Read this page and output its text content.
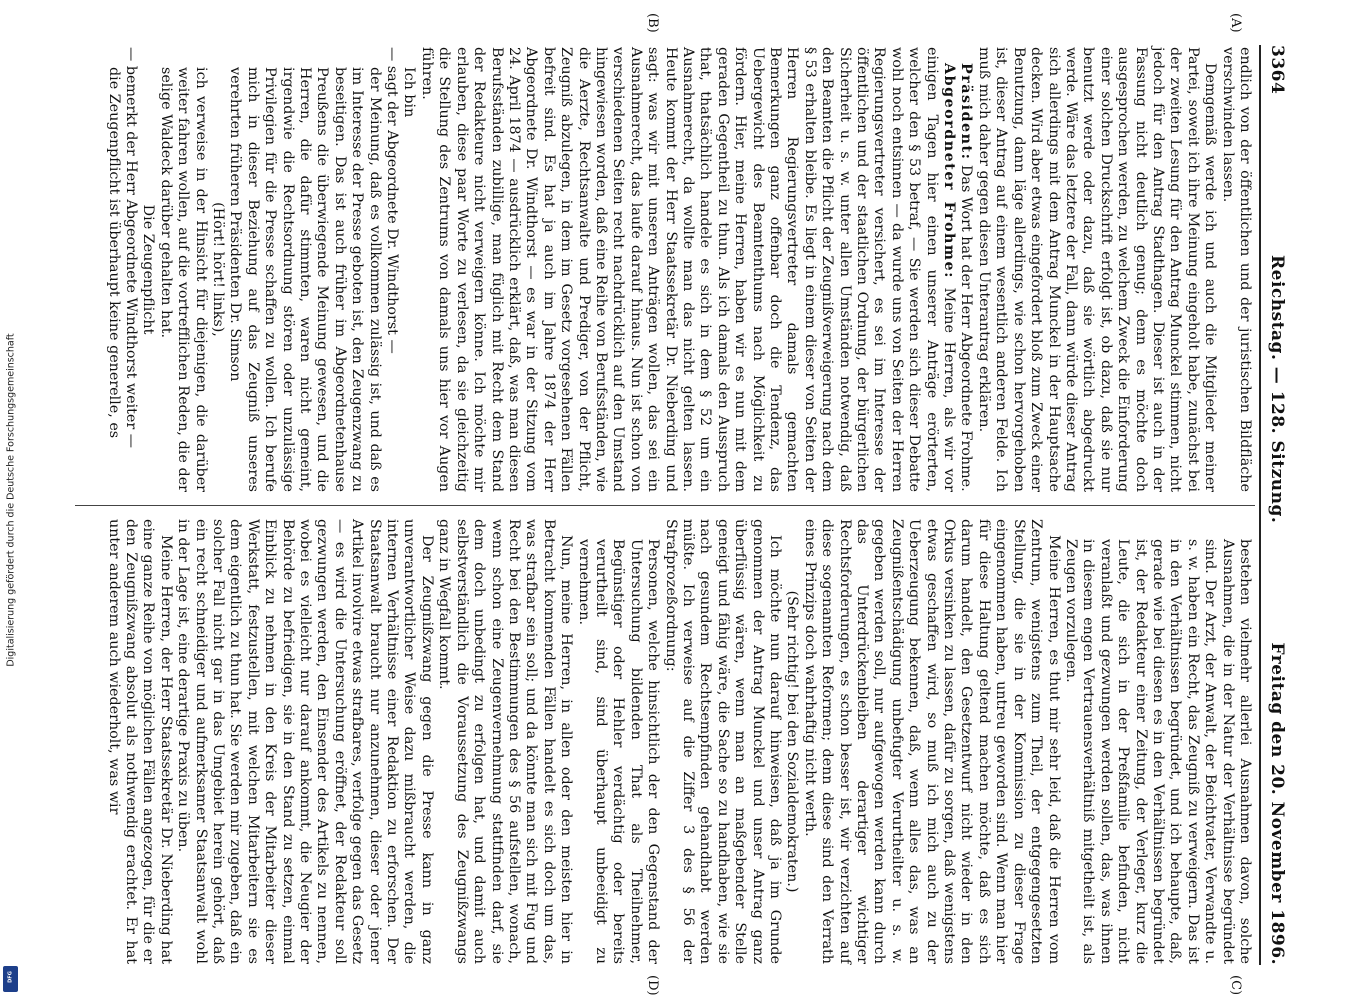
Digitalisierung gefördert durch die Deutsche Forschungsgemeinschaft
DFG
3364
Reichstag. — 128. Sitzung.
Freitag den 20. November 1896.
(A)
(B)
(C)
(D)

endlich von der öffentlichen und der juristischen Bildfläche verschwinden lassen.

Demgemäß werde ich und auch die Mitglieder meiner Partei, soweit ich ihre Meinung eingeholt habe, zunächst bei der zweiten Lesung für den Antrag Munckel stimmen, nicht jedoch für den Antrag Stadthagen. Dieser ist auch in der Fassung nicht deutlich genug; denn es möchte doch ausgesprochen werden, zu welchem Zweck die Einforderung einer solchen Druckschrift erfolgt ist, ob dazu, daß sie nur benutzt werde oder dazu, daß sie wörtlich abgedruckt werde. Wäre das letztere der Fall, dann würde dieser Antrag sich allerdings mit dem Antrag Munckel in der Hauptsache decken. Wird aber etwas eingefordert bloß zum Zweck einer Benutzung, dann läge allerdings, wie schon hervorgehoben ist, dieser Antrag auf einem wesentlich anderen Felde. Ich muß mich daher gegen diesen Unterantrag erklären.

Präsident: Das Wort hat der Herr Abgeordnete Frohme.

Abgeordneter Frohme: Meine Herren, als wir vor einigen Tagen hier einen unserer Anträge erörterten, welcher den § 53 betraf, — Sie werden sich dieser Debatte wohl noch entsinnen — da wurde uns von Seiten der Herren Regierungsvertreter versichert, es sei im Interesse der öffentlichen und der staatlichen Ordnung, der bürgerlichen Sicherheit u. s. w. unter allen Umständen notwendig, daß den Beamten die Pflicht der Zeugnißverweigerung nach dem § 53 erhalten bleibe. Es liegt in einem dieser von Seiten der Herren Regierungsvertreter damals gemachten Bemerkungen ganz offenbar doch die Tendenz, das Uebergewicht des Beamtenthums nach Möglichkeit zu fördern. Hier, meine Herren, haben wir es nun mit dem geraden Gegentheil zu thun. Als ich damals den Ausspruch that, thatsächlich handele es sich in dem § 52 um ein Ausnahmerecht, da wollte man das nicht gelten lassen. Heute kommt der Herr Staatssekretär Dr. Nieberding und sagt: was wir mit unseren Anträgen wollen, das sei ein Ausnahmerecht, das laufe darauf hinaus. Nun ist schon von verschiedenen Seiten recht nachdrücklich auf den Umstand hingewiesen worden, daß eine Reihe von Berufsständen, wie die Aerzte, Rechtsanwalte und Prediger, von der Pflicht, Zeugniß abzulegen, in dem im Gesetz vorgesehenen Fällen befreit sind. Es hat ja auch im Jahre 1874 der Herr Abgeordnete Dr. Windthorst — es war in der Sitzung vom 24. April 1874 — ausdrücklich erklärt, daß, was man diesen Berufsständen zubillige, man füglich mit Recht dem Stand der Redakteure nicht verweigern könne. Ich möchte mir erlauben, diese paar Worte zu verlesen, da sie gleichzeitig die Stellung des Zentrums von damals uns hier vor Augen führen.

Ich bin

— sagt der Abgeordnete Dr. Windthorst —

der Meinung, daß es vollkommen zulässig ist, und daß es im Interesse der Presse geboten ist, den Zeugenzwang zu beseitigen. Das ist auch früher im Abgeordnetenhause Preußens die überwiegende Meinung gewesen, und die Herren, die dafür stimmten, waren nicht gemeint, irgendwie die Rechtsordnung stören oder unzulässige Privilegien für die Presse schaffen zu wollen. Ich berufe mich in dieser Beziehung auf das Zeugniß unseres verehrten früheren Präsidenten Dr. Simson

(Hört! hört! links),

ich verweise in der Hinsicht für diejenigen, die darüber weiter fahren wollen, auf die vortrefflichen Reden, die der selige Waldeck darüber gehalten hat.

Die Zeugenpflicht

— bemerkt der Herr Abgeordnete Windthorst weiter —

die Zeugenpflicht ist überhaupt keine generelle, es

bestehen vielmehr allerlei Ausnahmen davon, solche Ausnahmen, die in der Natur der Verhältnisse begründet sind. Der Arzt, der Anwalt, der Beichtvater, Verwandte u. s. w. haben ein Recht, das Zeugniß zu verweigern. Das ist in den Verhältnissen begründet, und ich behaupte, daß, gerade wie bei diesen es in den Verhältnissen begründet ist, der Redakteur einer Zeitung, der Verleger, kurz die Leute, die sich in der Preßfamilie befinden, nicht veranlaßt und gezwungen werden sollen, das, was ihnen in diesem engen Vertrauensverhältniß mitgetheilt ist, als Zeugen vorzulegen.

Meine Herren, es thut mir sehr leid, daß die Herren vom Zentrum, wenigstens zum Theil, der entgegengesetzten Stellung, die sie in der Kommission zu dieser Frage eingenommen haben, untreu geworden sind. Wenn man hier für diese Haltung geltend machen möchte, daß es sich darum handelt, den Gesetzentwurf nicht wieder in den Orkus versinken zu lassen, dafür zu sorgen, daß wenigstens etwas geschaffen wird, so muß ich mich auch zu der Ueberzeugung bekennen, daß, wenn alles das, was an Zeugnißentschädigung unbefugter Verurtheilter u. s. w. gegeben werden soll, nur aufgewogen werden kann durch das Unterdrückenbleiben derartiger wichtiger Rechtsforderungen, es schon besser ist, wir verzichten auf diese sogenannten Reformen; denn diese sind den Verrath eines Prinzips doch wahrhaftig nicht werth.

(Sehr richtig! bei den Sozialdemokraten.)

Ich möchte nun darauf hinweisen, daß ja im Grunde genommen der Antrag Munckel und unser Antrag ganz überflüssig wären, wenn man an maßgebender Stelle geneigt und fähig wäre, die Sache so zu handhaben, wie sie nach gesundem Rechtsempfinden gehandhabt werden müßte. Ich verweise auf die Ziffer 3 des § 56 der Strafprozeßordnung:

Personen, welche hinsichtlich der den Gegenstand der Untersuchung bildenden That als Theilnehmer, Begünstiger oder Hehler verdächtig oder bereits verurtheilt sind, sind überhaupt unbeeidigt zu vernehmen.

Nun, meine Herren, in allen oder den meisten hier in Betracht kommenden Fällen handelt es sich doch um das, was strafbar sein soll; und da könnte man sich mit Fug und Recht bei den Bestimmungen des § 56 aufstellen, wonach, wenn schon eine Zeugenvernehmung stattfinden darf, sie dem doch unbedingt zu erfolgen hat, und damit auch selbstverständlich die Voraussetzung des Zeugnißzwangs ganz in Wegfall kommt.

Der Zeugnißzwang gegen die Presse kann in ganz unverantwortlicher Weise dazu mißbraucht werden, die internen Verhältnisse einer Redaktion zu erforschen. Der Staatsanwalt braucht nur anzunehmen, dieser oder jener Artikel involvire etwas strafbares, verfolge gegen das Gesetz — es wird die Untersuchung eröffnet, der Redakteur soll gezwungen werden, den Einsender des Artikels zu nennen, wobei es vielleicht nur darauf ankommt, die Neugier der Behörde zu befriedigen, sie in den Stand zu setzen, einmal Einblick zu nehmen in den Kreis der Mitarbeiter dieser Werkstatt, festzustellen, mit welchen Mitarbeitern sie es dem eigentlich zu thun hat. Sie werden mir zugeben, daß ein solcher Fall nicht gar in das Umgebiet herein gehört, daß ein recht schneidiger und aufmerksamer Staatsanwalt wohl in der Lage ist, eine derartige Praxis zu üben.

Meine Herren, der Herr Staatssekretär Dr. Nieberding hat eine ganze Reihe von möglichen Fällen angezogen, für die er den Zeugnißzwang absolut als nothwendig erachtet. Er hat unter anderem auch wiederholt, was wir
